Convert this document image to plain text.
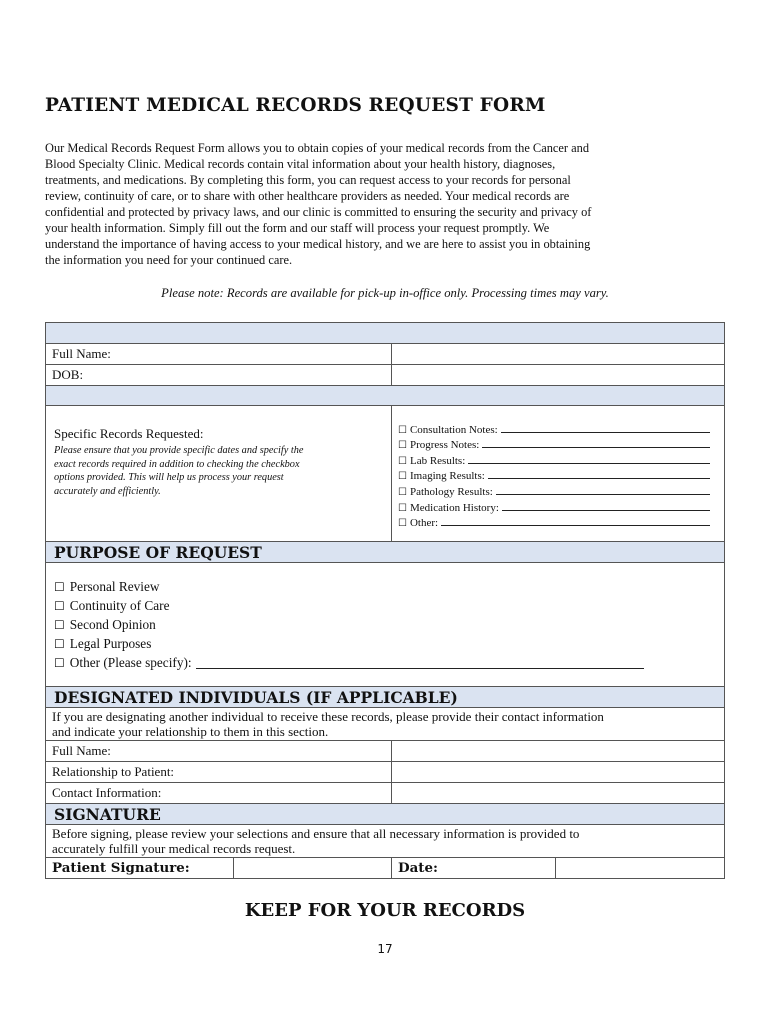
PATIENT MEDICAL RECORDS REQUEST FORM
Our Medical Records Request Form allows you to obtain copies of your medical records from the Cancer and
Blood Specialty Clinic. Medical records contain vital information about your health history, diagnoses,
treatments, and medications. By completing this form, you can request access to your records for personal
review, continuity of care, or to share with other healthcare providers as needed. Your medical records are
confidential and protected by privacy laws, and our clinic is committed to ensuring the security and privacy of
your health information. Simply fill out the form and our staff will process your request promptly. We
understand the importance of having access to your medical history, and we are here to assist you in obtaining
the information you need for your continued care.
Please note: Records are available for pick-up in-office only. Processing times may vary.
Full Name:
DOB:
Specific Records Requested:
Please ensure that you provide specific dates and specify the
exact records required in addition to checking the checkbox
options provided. This will help us process your request
accurately and efficiently.
☐ Consultation Notes:
☐ Progress Notes:
☐ Lab Results:
☐ Imaging Results:
☐ Pathology Results:
☐ Medication History:
☐ Other:
PURPOSE OF REQUEST
☐ Personal Review
☐ Continuity of Care
☐ Second Opinion
☐ Legal Purposes
☐ Other (Please specify):
DESIGNATED INDIVIDUALS (IF APPLICABLE)
If you are designating another individual to receive these records, please provide their contact information
and indicate your relationship to them in this section.
Full Name:
Relationship to Patient:
Contact Information:
SIGNATURE
Before signing, please review your selections and ensure that all necessary information is provided to
accurately fulfill your medical records request.
Patient Signature:	Date:
KEEP FOR YOUR RECORDS
17
